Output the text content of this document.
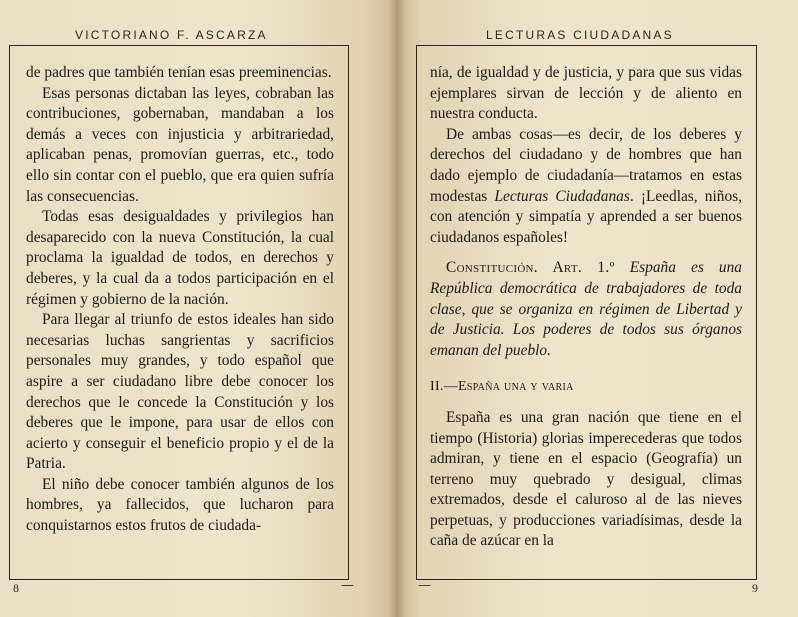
VICTORIANO F. ASCARZA	LECTURAS CIUDADANAS

de padres que también tenían esas preeminencias.

Esas personas dictaban las leyes, cobraban las contribuciones, gobernaban, mandaban a los demás a veces con injusticia y arbitrariedad, aplicaban penas, promovían guerras, etc., todo ello sin contar con el pueblo, que era quien sufría las consecuencias.

Todas esas desigualdades y privilegios han desaparecido con la nueva Constitución, la cual proclama la igualdad de todos, en derechos y deberes, y la cual da a todos participación en el régimen y gobierno de la nación.

Para llegar al triunfo de estos ideales han sido necesarias luchas sangrientas y sacrificios personales muy grandes, y todo español que aspire a ser ciudadano libre debe conocer los derechos que le concede la Constitución y los deberes que le impone, para usar de ellos con acierto y conseguir el beneficio propio y el de la Patria.

El niño debe conocer también algunos de los hombres, ya fallecidos, que lucharon para conquistarnos estos frutos de ciudada-

nía, de igualdad y de justicia, y para que sus vidas ejemplares sirvan de lección y de aliento en nuestra conducta.

De ambas cosas—es decir, de los deberes y derechos del ciudadano y de hombres que han dado ejemplo de ciudadanía—tratamos en estas modestas Lecturas Ciudadanas. ¡Leedlas, niños, con atención y simpatía y aprended a ser buenos ciudadanos españoles!

Constitución. Art. 1.º España es una República democrática de trabajadores de toda clase, que se organiza en régimen de Libertad y de Justicia. Los poderes de todos sus órganos emanan del pueblo.

II.—España una y varia

España es una gran nación que tiene en el tiempo (Historia) glorias imperecederas que todos admiran, y tiene en el espacio (Geografía) un terreno muy quebrado y desigual, climas extremados, desde el caluroso al de las nieves perpetuas, y producciones variadísimas, desde la caña de azúcar en la

8	—	—	9
